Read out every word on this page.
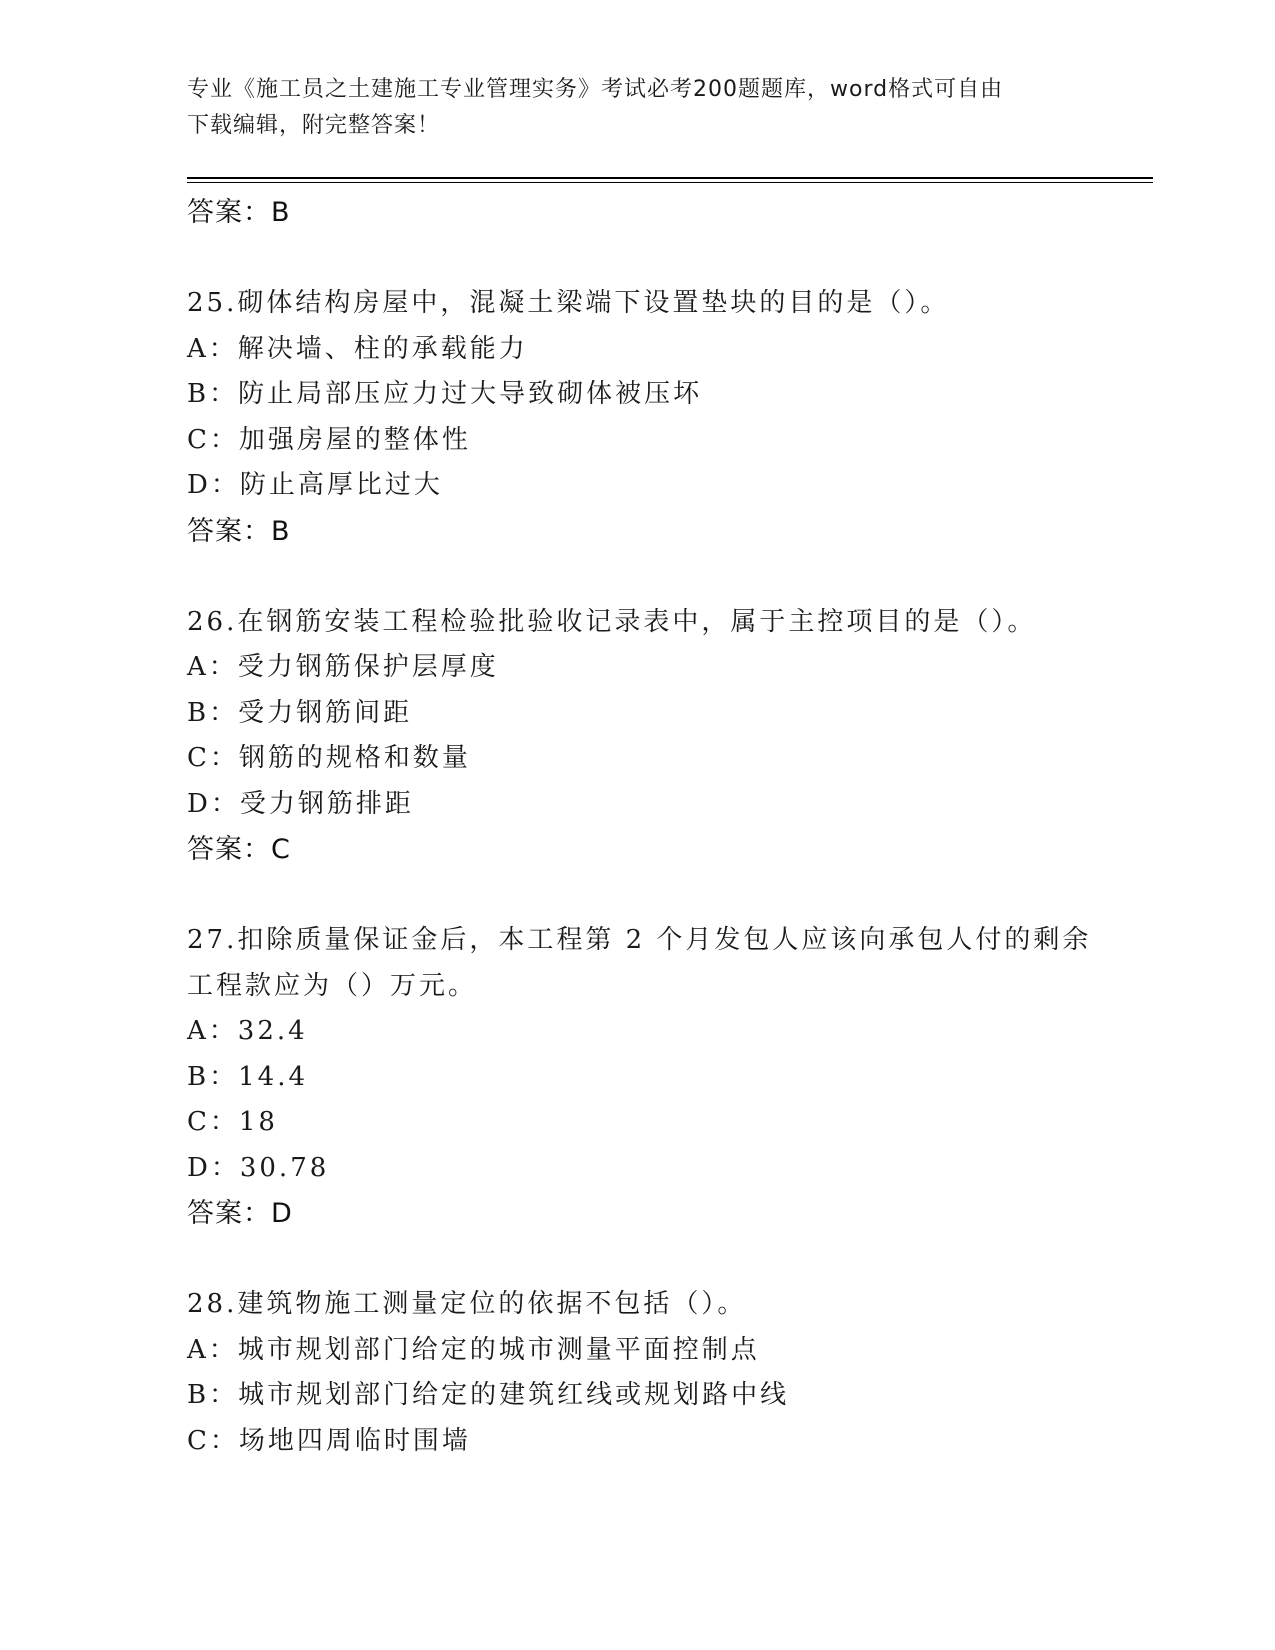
专业《施工员之土建施工专业管理实务》考试必考200题题库，word格式可自由
下载编辑，附完整答案！
答案：B
25.砌体结构房屋中，混凝土梁端下设置垫块的目的是（）。
A：解决墙、柱的承载能力
B：防止局部压应力过大导致砌体被压坏
C：加强房屋的整体性
D：防止高厚比过大
答案：B
26.在钢筋安装工程检验批验收记录表中，属于主控项目的是（）。
A：受力钢筋保护层厚度
B：受力钢筋间距
C：钢筋的规格和数量
D：受力钢筋排距
答案：C
27.扣除质量保证金后，本工程第 2 个月发包人应该向承包人付的剩余
工程款应为（）万元。
A：32.4
B：14.4
C：18
D：30.78
答案：D
28.建筑物施工测量定位的依据不包括（）。
A：城市规划部门给定的城市测量平面控制点
B：城市规划部门给定的建筑红线或规划路中线
C：场地四周临时围墙
